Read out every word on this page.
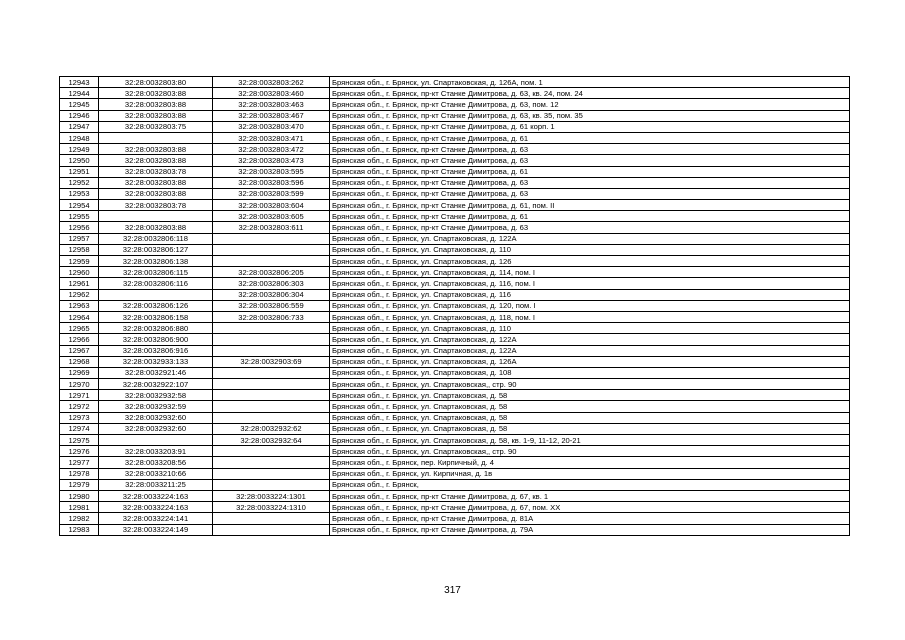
12943	32:28:0032803:80	32:28:0032803:262	Брянская обл., г. Брянск, ул. Спартаковская, д. 126А, пом. 1
12944	32:28:0032803:88	32:28:0032803:460	Брянская обл., г. Брянск, пр-кт Станке Димитрова, д. 63, кв. 24, пом. 24
12945	32:28:0032803:88	32:28:0032803:463	Брянская обл., г. Брянск, пр-кт Станке Димитрова, д. 63, пом. 12
12946	32:28:0032803:88	32:28:0032803:467	Брянская обл., г. Брянск, пр-кт Станке Димитрова, д. 63, кв. 35, пом. 35
12947	32:28:0032803:75	32:28:0032803:470	Брянская обл., г. Брянск, пр-кт Станке Димитрова, д. 61 корп. 1
12948		32:28:0032803:471	Брянская обл., г. Брянск, пр-кт Станке Димитрова, д. 61
12949	32:28:0032803:88	32:28:0032803:472	Брянская обл., г. Брянск, пр-кт Станке Димитрова, д. 63
12950	32:28:0032803:88	32:28:0032803:473	Брянская обл., г. Брянск, пр-кт Станке Димитрова, д. 63
12951	32:28:0032803:78	32:28:0032803:595	Брянская обл., г. Брянск, пр-кт Станке Димитрова, д. 61
12952	32:28:0032803:88	32:28:0032803:596	Брянская обл., г. Брянск, пр-кт Станке Димитрова, д. 63
12953	32:28:0032803:88	32:28:0032803:599	Брянская обл., г. Брянск, пр-кт Станке Димитрова, д. 63
12954	32:28:0032803:78	32:28:0032803:604	Брянская обл., г. Брянск, пр-кт Станке Димитрова, д. 61, пом. II
12955		32:28:0032803:605	Брянская обл., г. Брянск, пр-кт Станке Димитрова, д. 61
12956	32:28:0032803:88	32:28:0032803:611	Брянская обл., г. Брянск, пр-кт Станке Димитрова, д. 63
12957	32:28:0032806:118		Брянская обл., г. Брянск, ул. Спартаковская, д. 122А
12958	32:28:0032806:127		Брянская обл., г. Брянск, ул. Спартаковская, д. 110
12959	32:28:0032806:138		Брянская обл., г. Брянск, ул. Спартаковская, д. 126
12960	32:28:0032806:115	32:28:0032806:205	Брянская обл., г. Брянск, ул. Спартаковская, д. 114, пом. I
12961	32:28:0032806:116	32:28:0032806:303	Брянская обл., г. Брянск, ул. Спартаковская, д. 116, пом. I
12962		32:28:0032806:304	Брянская обл., г. Брянск, ул. Спартаковская, д. 116
12963	32:28:0032806:126	32:28:0032806:559	Брянская обл., г. Брянск, ул. Спартаковская, д. 120, пом. I
12964	32:28:0032806:158	32:28:0032806:733	Брянская обл., г. Брянск, ул. Спартаковская, д. 118, пом. I
12965	32:28:0032806:880		Брянская обл., г. Брянск, ул. Спартаковская, д. 110
12966	32:28:0032806:900		Брянская обл., г. Брянск, ул. Спартаковская, д. 122А
12967	32:28:0032806:916		Брянская обл., г. Брянск, ул. Спартаковская, д. 122А
12968	32:28:0032933:133	32:28:0032903:69	Брянская обл., г. Брянск, ул. Спартаковская, д. 126А
12969	32:28:0032921:46		Брянская обл., г. Брянск, ул. Спартаковская, д. 108
12970	32:28:0032922:107		Брянская обл., г. Брянск, ул. Спартаковская,, стр. 90
12971	32:28:0032932:58		Брянская обл., г. Брянск, ул. Спартаковская, д. 58
12972	32:28:0032932:59		Брянская обл., г. Брянск, ул. Спартаковская, д. 58
12973	32:28:0032932:60		Брянская обл., г. Брянск, ул. Спартаковская, д. 58
12974	32:28:0032932:60	32:28:0032932:62	Брянская обл., г. Брянск, ул. Спартаковская, д. 58
12975		32:28:0032932:64	Брянская обл., г. Брянск, ул. Спартаковская, д. 58, кв. 1-9, 11-12, 20-21
12976	32:28:0033203:91		Брянская обл., г. Брянск, ул. Спартаковская,, стр. 90
12977	32:28:0033208:56		Брянская обл., г. Брянск, пер. Кирпичный, д. 4
12978	32:28:0033210:66		Брянская обл., г. Брянск, ул. Кирпичная, д. 1в
12979	32:28:0033211:25		Брянская обл., г. Брянск,
12980	32:28:0033224:163	32:28:0033224:1301	Брянская обл., г. Брянск, пр-кт Станке Димитрова, д. 67, кв. 1
12981	32:28:0033224:163	32:28:0033224:1310	Брянская обл., г. Брянск, пр-кт Станке Димитрова, д. 67, пом. XX
12982	32:28:0033224:141		Брянская обл., г. Брянск, пр-кт Станке Димитрова, д. 81А
12983	32:28:0033224:149		Брянская обл., г. Брянск, пр-кт Станке Димитрова, д. 79А
317
